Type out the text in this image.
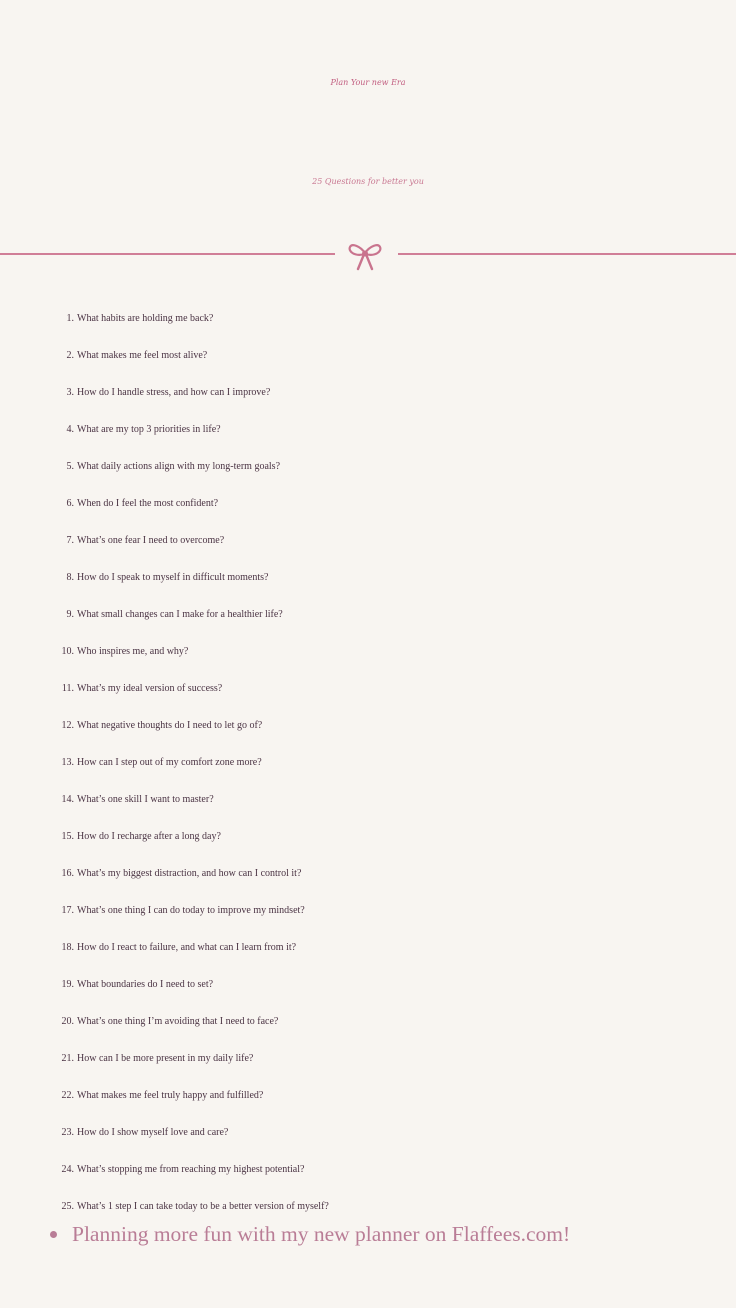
Plan Your new Era
25 Questions for better you
1. What habits are holding me back?
2. What makes me feel most alive?
3. How do I handle stress, and how can I improve?
4. What are my top 3 priorities in life?
5. What daily actions align with my long-term goals?
6. When do I feel the most confident?
7. What’s one fear I need to overcome?
8. How do I speak to myself in difficult moments?
9. What small changes can I make for a healthier life?
10. Who inspires me, and why?
11. What’s my ideal version of success?
12. What negative thoughts do I need to let go of?
13. How can I step out of my comfort zone more?
14. What’s one skill I want to master?
15. How do I recharge after a long day?
16. What’s my biggest distraction, and how can I control it?
17. What’s one thing I can do today to improve my mindset?
18. How do I react to failure, and what can I learn from it?
19. What boundaries do I need to set?
20. What’s one thing I’m avoiding that I need to face?
21. How can I be more present in my daily life?
22. What makes me feel truly happy and fulfilled?
23. How do I show myself love and care?
24. What’s stopping me from reaching my highest potential?
25. What’s 1 step I can take today to be a better version of myself?
Planning more fun with my new planner on Flaffees.com!
